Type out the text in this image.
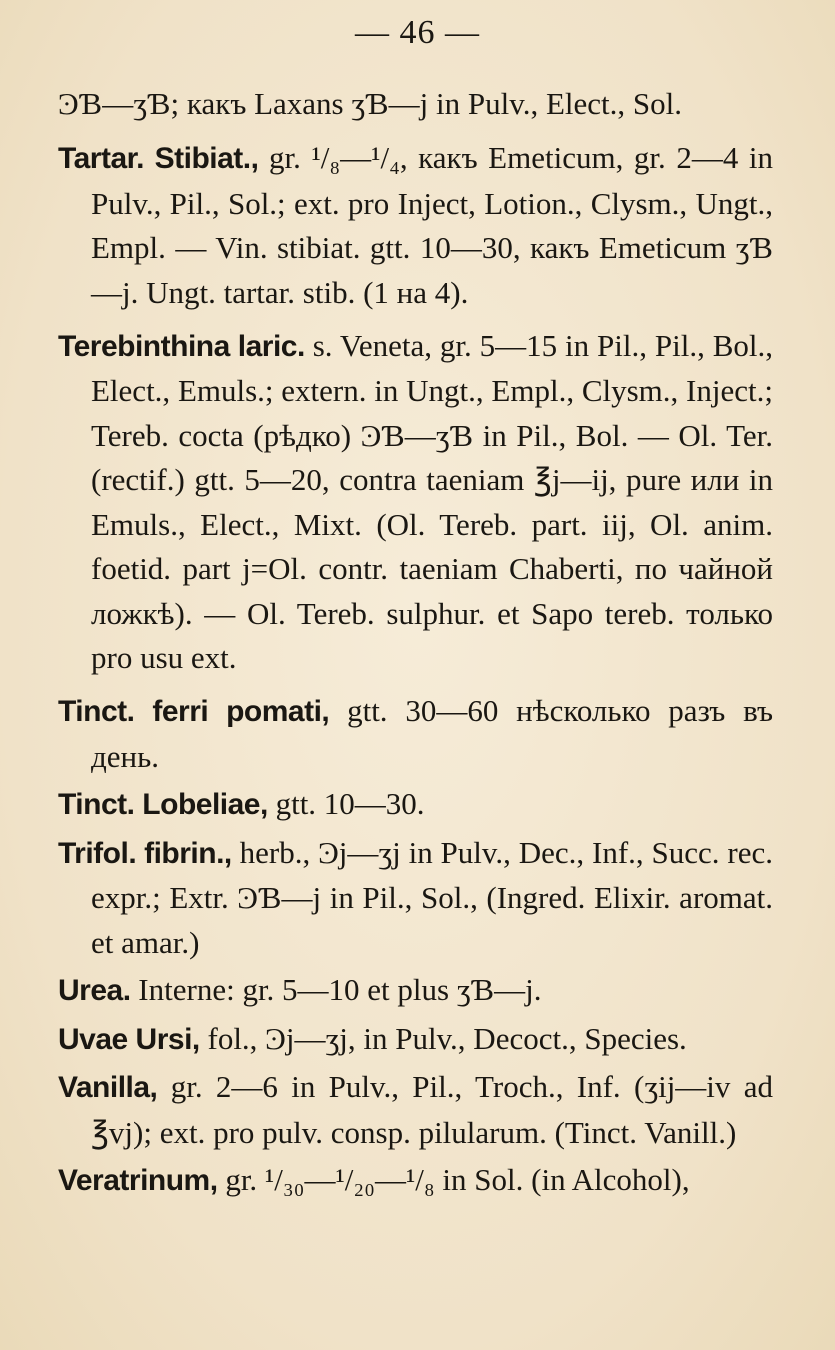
— 46 —

ϿƁ—ʒƁ; какъ Laxans ʒƁ—j in Pulv., Elect., Sol.

Tartar. Stibiat., gr. ¹/₈—¹/₄, какъ Emeticum, gr. 2—4 in Pulv., Pil., Sol.; ext. pro Inject, Lotion., Clysm., Ungt., Empl. — Vin. stibiat. gtt. 10—30, какъ Emeticum ʒƁ—j. Ungt. tartar. stib. (1 на 4).

Terebinthina laric. s. Veneta, gr. 5—15 in Pil., Pil., Bol., Elect., Emuls.; extern. in Ungt., Empl., Clysm., Inject.; Tereb. cocta (рѣдко) ϿƁ—ʒƁ in Pil., Bol. — Ol. Ter. (rectif.) gtt. 5—20, contra taeniam ℥j—ij, pure или in Emuls., Elect., Mixt. (Ol. Tereb. part. iij, Ol. anim. foetid. part j=Ol. contr. taeniam Chaberti, по чайной ложкѣ). — Ol. Tereb. sulphur. et Sapo tereb. только pro usu ext.

Tinct. ferri pomati, gtt. 30—60 нѣсколько разъ въ день.

Tinct. Lobeliae, gtt. 10—30.

Trifol. fibrin., herb., Ͽj—ʒj in Pulv., Dec., Inf., Succ. rec. expr.; Extr. ϿƁ—j in Pil., Sol., (Ingred. Elixir. aromat. et amar.)

Urea. Interne: gr. 5—10 et plus ʒƁ—j.

Uvae Ursi, fol., Ͽj—ʒj, in Pulv., Decoct., Species.

Vanilla, gr. 2—6 in Pulv., Pil., Troch., Inf. (ʒij—iv ad ℥vj); ext. pro pulv. consp. pilularum. (Tinct. Vanill.)

Veratrinum, gr. ¹/₃₀—¹/₂₀—¹/₈ in Sol. (in Alcohol),
